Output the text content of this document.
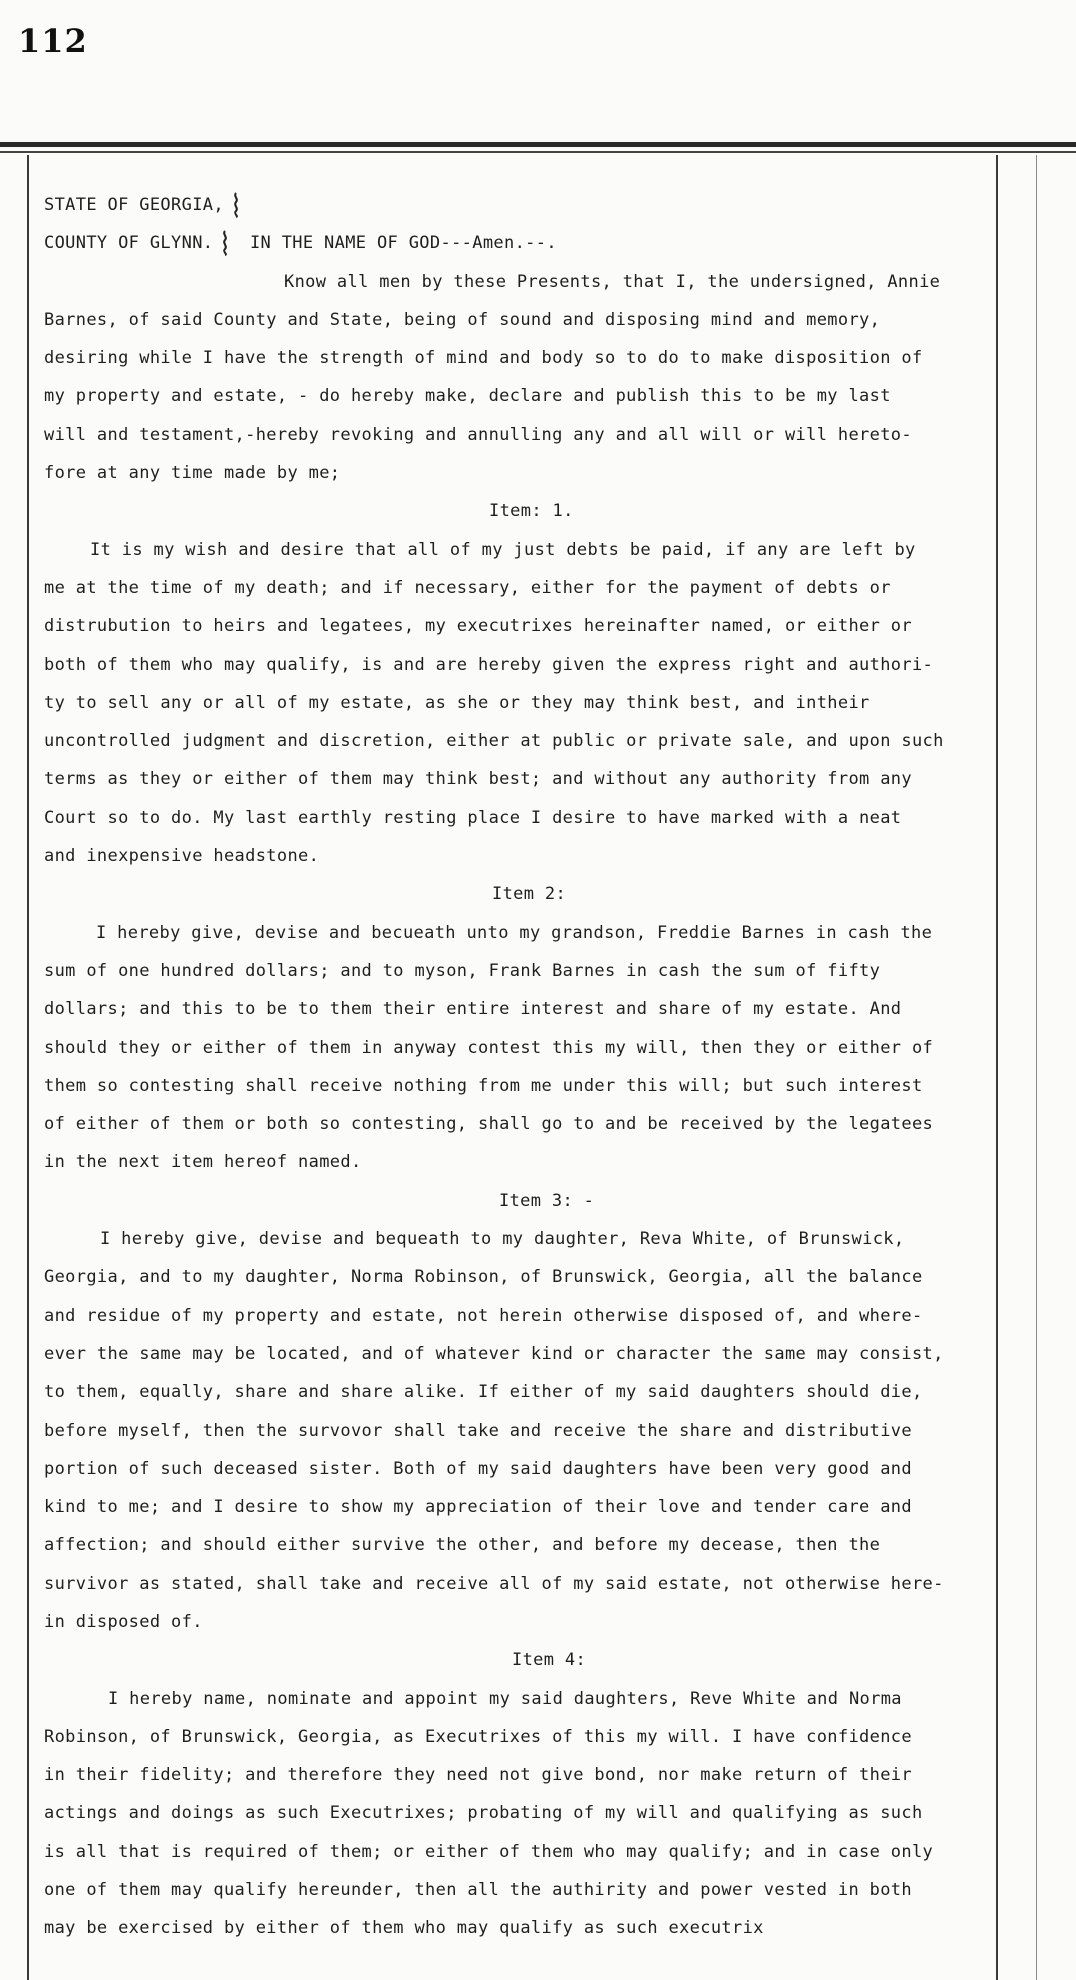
112
STATE OF GEORGIA,
COUNTY OF GLYNN. IN THE NAME OF GOD---Amen.--.
Know all men by these Presents, that I, the undersigned, Annie
Barnes, of said County and State, being of sound and disposing mind and memory,
desiring while I have the strength of mind and body so to do to make disposition of
my property and estate, - do hereby make, declare and publish this to be my last
will and testament,-hereby revoking and annulling any and all will or will hereto-
fore at any time made by me;
Item: 1.
It is my wish and desire that all of my just debts be paid, if any are left by
me at the time of my death; and if necessary, either for the payment of debts or
distrubution to heirs and legatees, my executrixes hereinafter named, or either or
both of them who may qualify, is and are hereby given the express right and authori-
ty to sell any or all of my estate, as she or they may think best, and intheir
uncontrolled judgment and discretion, either at public or private sale, and upon such
terms as they or either of them may think best; and without any authority from any
Court so to do. My last earthly resting place I desire to have marked with a neat
and inexpensive headstone.
Item 2:
I hereby give, devise and becueath unto my grandson, Freddie Barnes in cash the
sum of one hundred dollars; and to myson, Frank Barnes in cash the sum of fifty
dollars; and this to be to them their entire interest and share of my estate. And
should they or either of them in anyway contest this my will, then they or either of
them so contesting shall receive nothing from me under this will; but such interest
of either of them or both so contesting, shall go to and be received by the legatees
in the next item hereof named.
Item 3: -
I hereby give, devise and bequeath to my daughter, Reva White, of Brunswick,
Georgia, and to my daughter, Norma Robinson, of Brunswick, Georgia, all the balance
and residue of my property and estate, not herein otherwise disposed of, and where-
ever the same may be located, and of whatever kind or character the same may consist,
to them, equally, share and share alike. If either of my said daughters should die,
before myself, then the survovor shall take and receive the share and distributive
portion of such deceased sister. Both of my said daughters have been very good and
kind to me; and I desire to show my appreciation of their love and tender care and
affection; and should either survive the other, and before my decease, then the
survivor as stated, shall take and receive all of my said estate, not otherwise here-
in disposed of.
Item 4:
I hereby name, nominate and appoint my said daughters, Reve White and Norma
Robinson, of Brunswick, Georgia, as Executrixes of this my will. I have confidence
in their fidelity; and therefore they need not give bond, nor make return of their
actings and doings as such Executrixes; probating of my will and qualifying as such
is all that is required of them; or either of them who may qualify; and in case only
one of them may qualify hereunder, then all the authirity and power vested in both
may be exercised by either of them who may qualify as such executrix
